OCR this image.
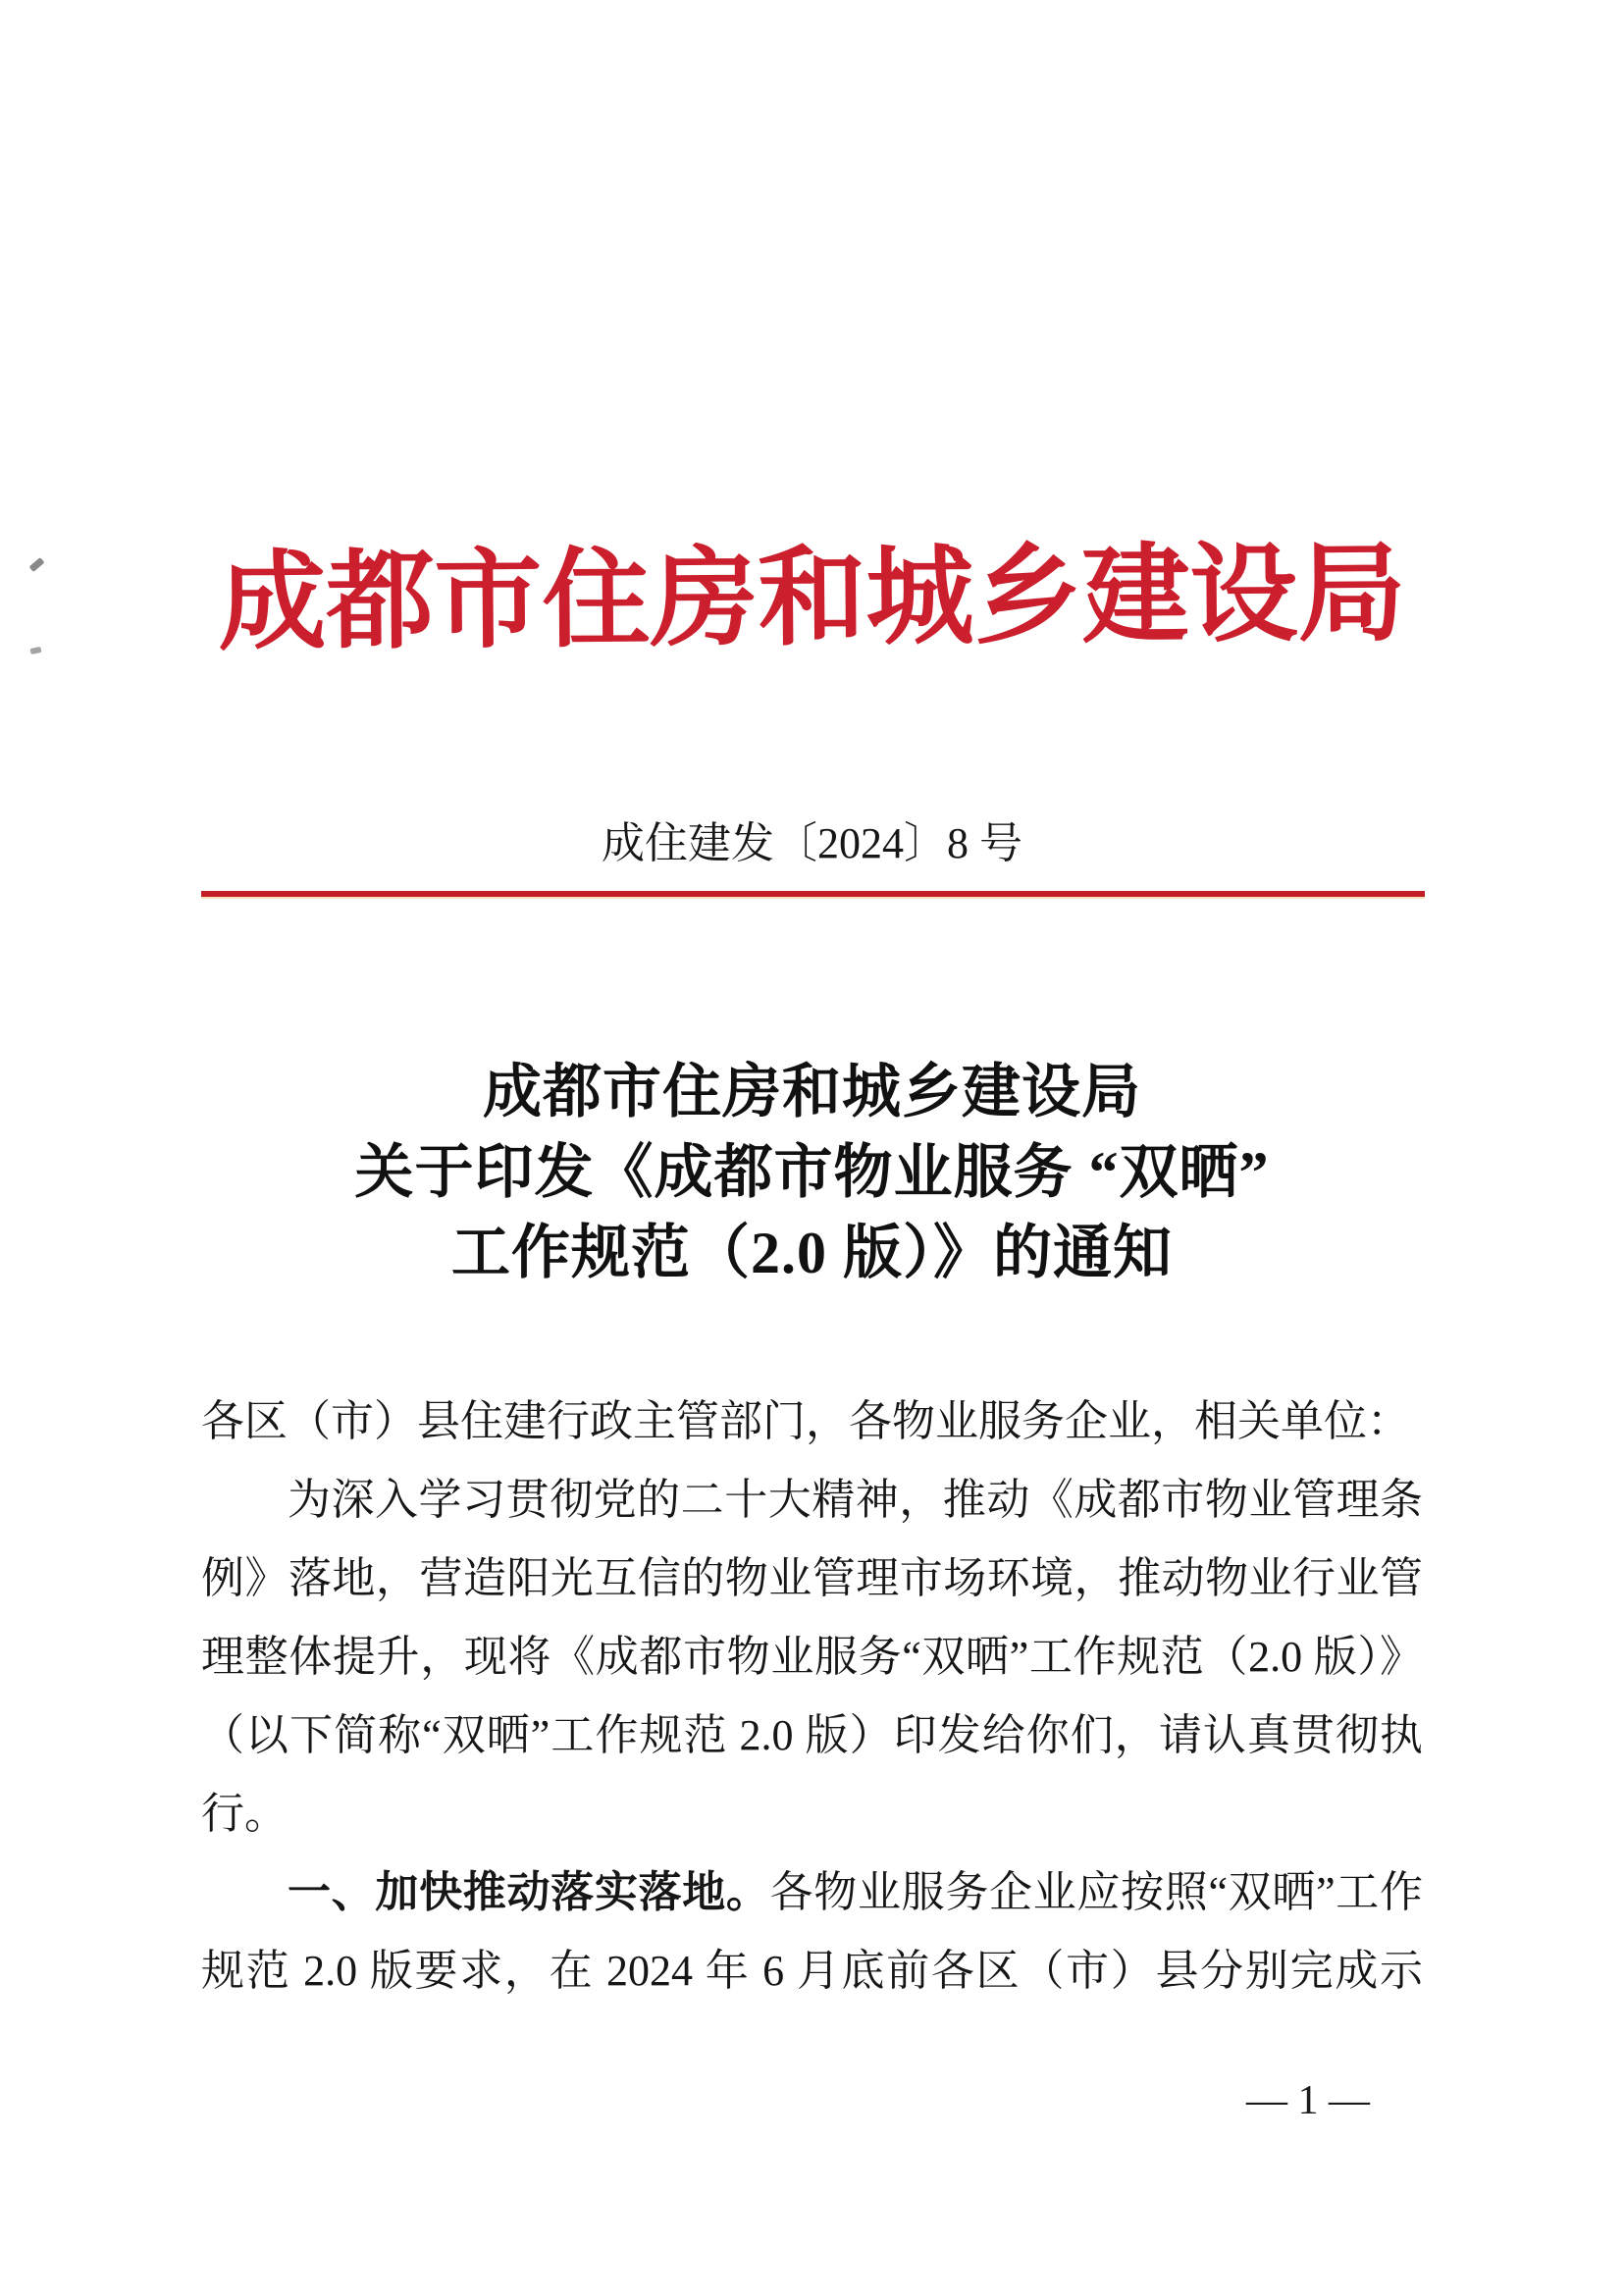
成都市住房和城乡建设局
成住建发〔2024〕8 号
成都市住房和城乡建设局
关于印发《成都市物业服务 “双晒”
工作规范（2.0 版）》的通知
各区（市）县住建行政主管部门，各物业服务企业，相关单位：
为深入学习贯彻党的二十大精神，推动《成都市物业管理条
例》落地，营造阳光互信的物业管理市场环境，推动物业行业管
理整体提升，现将《成都市物业服务“双晒”工作规范（2.0 版）》
（以下简称“双晒”工作规范 2.0 版）印发给你们，请认真贯彻执
行。
一、加快推动落实落地。各物业服务企业应按照“双晒”工作
规范 2.0 版要求，在 2024 年 6 月底前各区（市）县分别完成示
— 1 —
